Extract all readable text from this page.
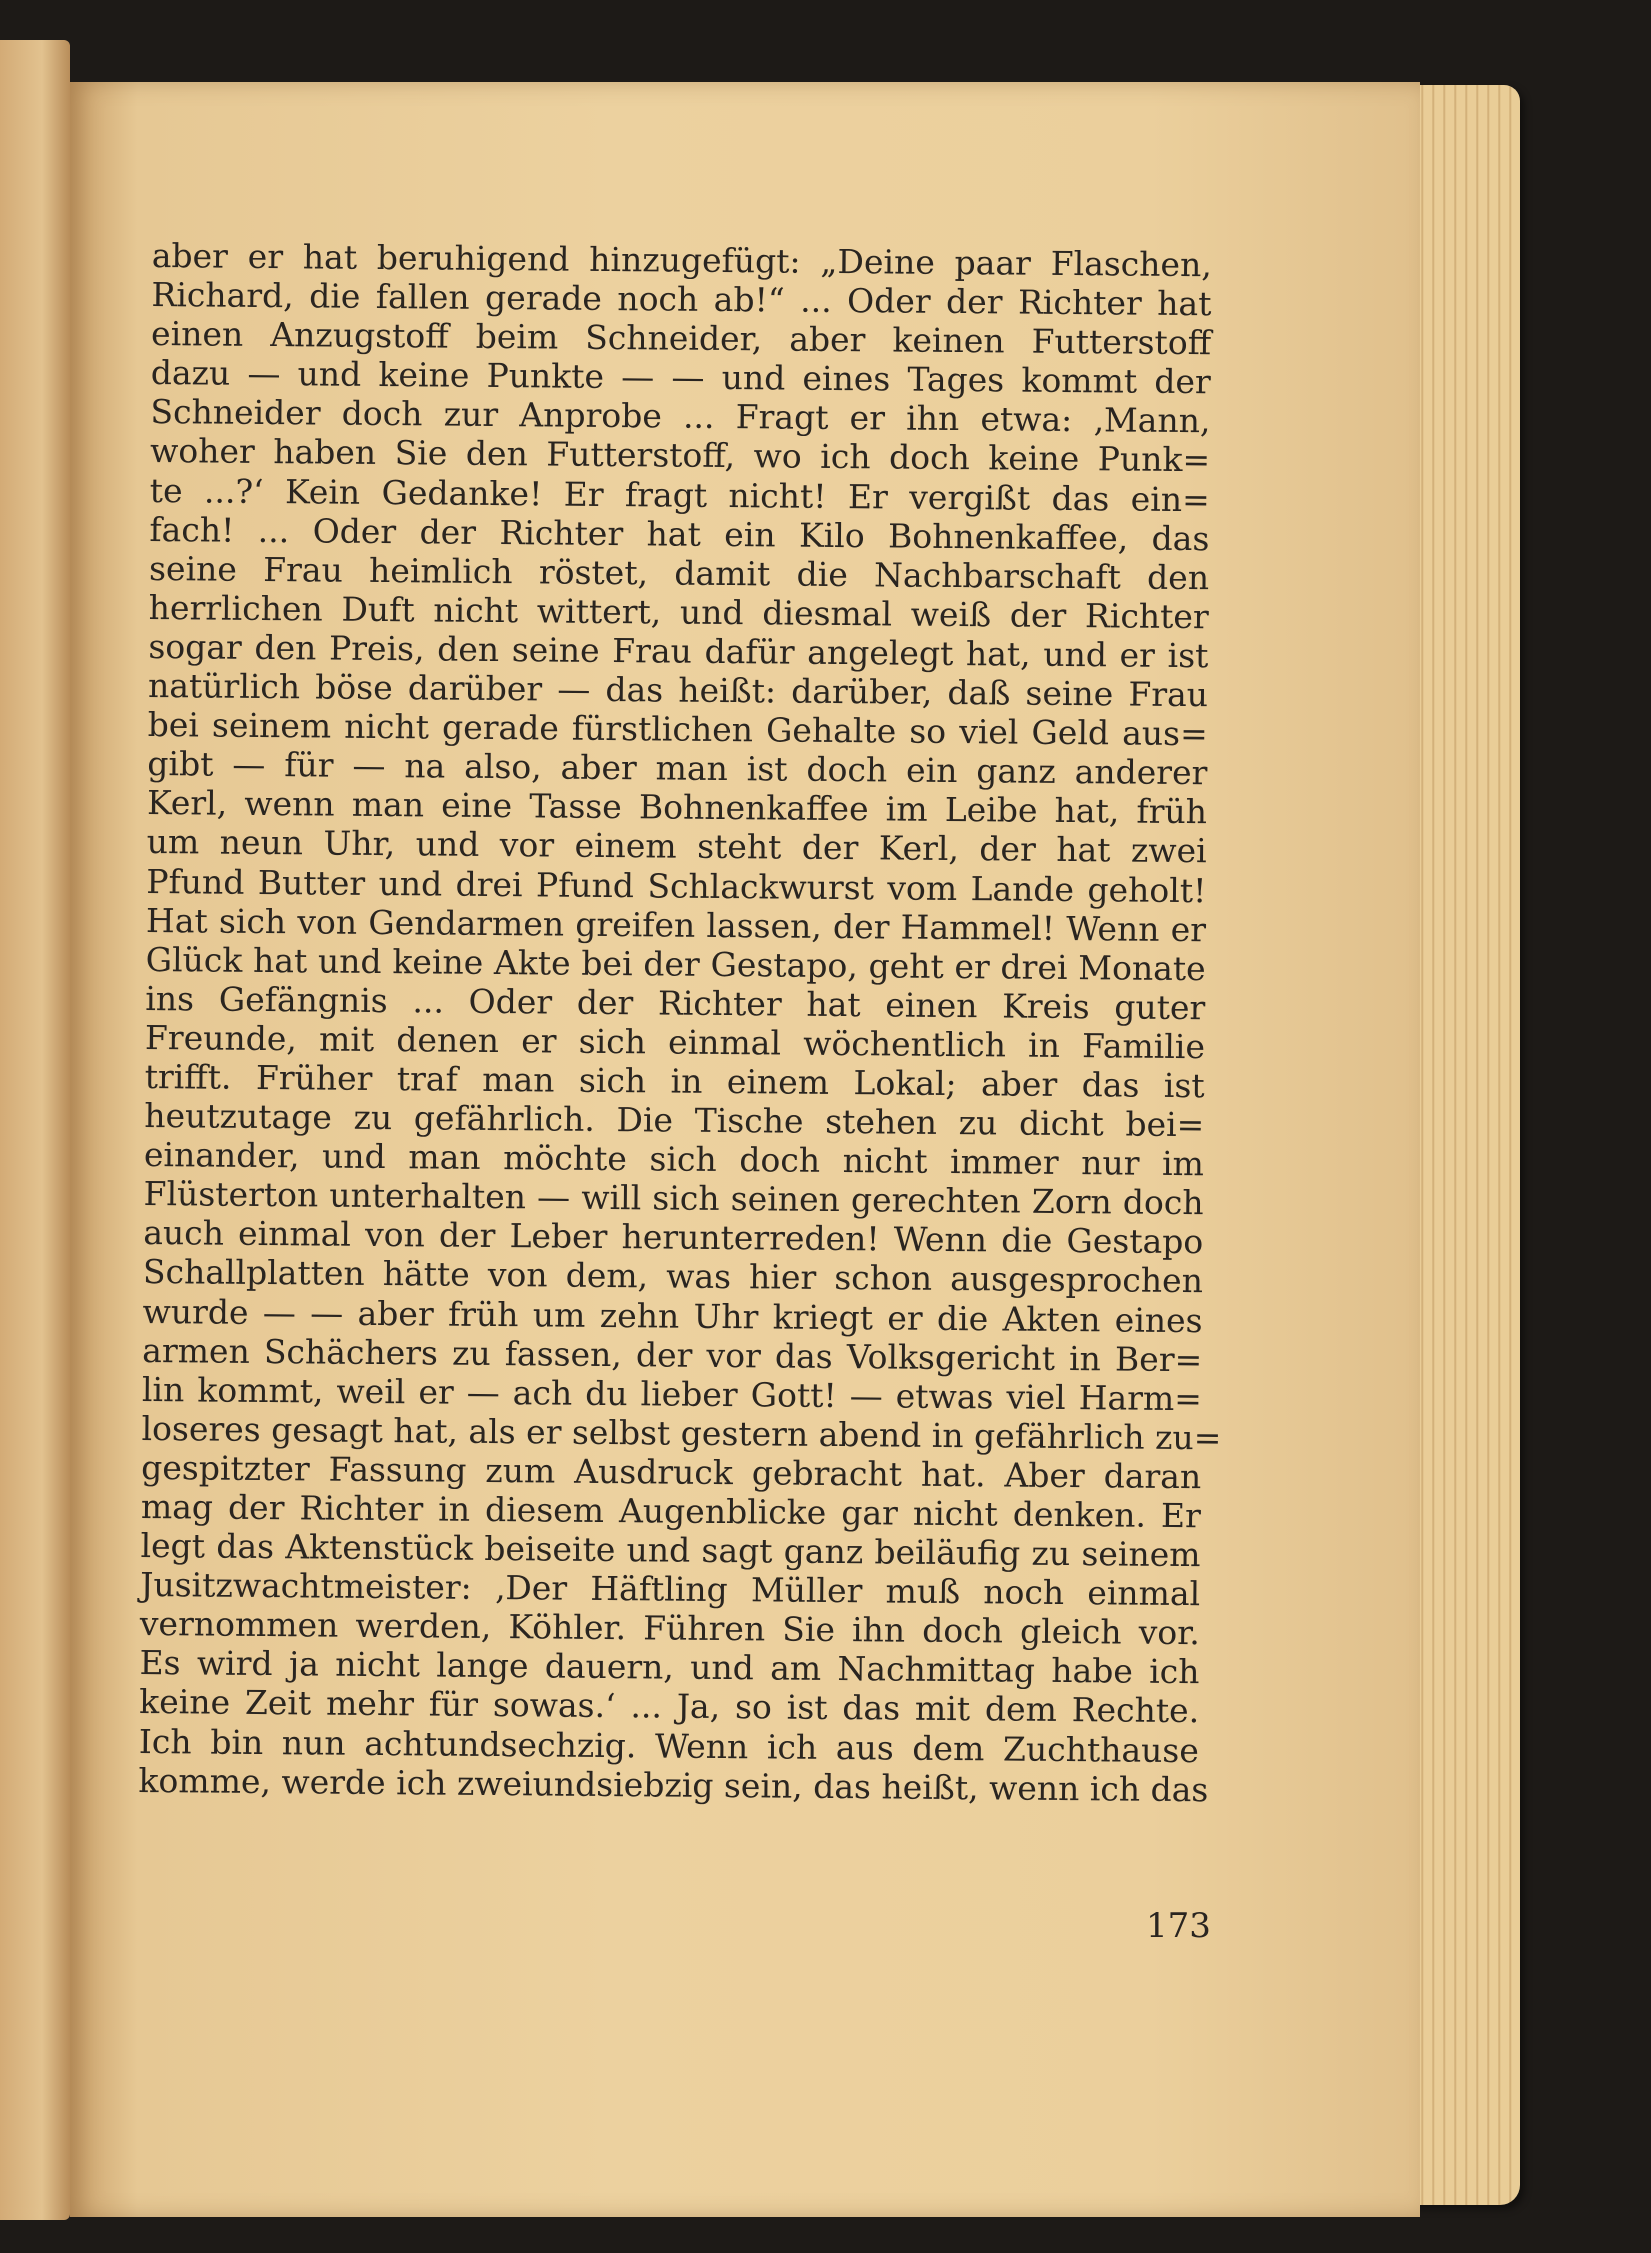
aber er hat beruhigend hinzugefügt: „Deine paar Flaschen,
Richard, die fallen gerade noch ab!“ ... Oder der Richter hat
einen Anzugstoff beim Schneider, aber keinen Futterstoff
dazu — und keine Punkte — — und eines Tages kommt der
Schneider doch zur Anprobe ... Fragt er ihn etwa: ‚Mann,
woher haben Sie den Futterstoff, wo ich doch keine Punk=
te ...?‘ Kein Gedanke! Er fragt nicht! Er vergißt das ein=
fach! ... Oder der Richter hat ein Kilo Bohnenkaffee, das
seine Frau heimlich röstet, damit die Nachbarschaft den
herrlichen Duft nicht wittert, und diesmal weiß der Richter
sogar den Preis, den seine Frau dafür angelegt hat, und er ist
natürlich böse darüber — das heißt: darüber, daß seine Frau
bei seinem nicht gerade fürstlichen Gehalte so viel Geld aus=
gibt — für — na also, aber man ist doch ein ganz anderer
Kerl, wenn man eine Tasse Bohnenkaffee im Leibe hat, früh
um neun Uhr, und vor einem steht der Kerl, der hat zwei
Pfund Butter und drei Pfund Schlackwurst vom Lande geholt!
Hat sich von Gendarmen greifen lassen, der Hammel! Wenn er
Glück hat und keine Akte bei der Gestapo, geht er drei Monate
ins Gefängnis ... Oder der Richter hat einen Kreis guter
Freunde, mit denen er sich einmal wöchentlich in Familie
trifft. Früher traf man sich in einem Lokal; aber das ist
heutzutage zu gefährlich. Die Tische stehen zu dicht bei=
einander, und man möchte sich doch nicht immer nur im
Flüsterton unterhalten — will sich seinen gerechten Zorn doch
auch einmal von der Leber herunterreden! Wenn die Gestapo
Schallplatten hätte von dem, was hier schon ausgesprochen
wurde — — aber früh um zehn Uhr kriegt er die Akten eines
armen Schächers zu fassen, der vor das Volksgericht in Ber=
lin kommt, weil er — ach du lieber Gott! — etwas viel Harm=
loseres gesagt hat, als er selbst gestern abend in gefährlich zu=
gespitzter Fassung zum Ausdruck gebracht hat. Aber daran
mag der Richter in diesem Augenblicke gar nicht denken. Er
legt das Aktenstück beiseite und sagt ganz beiläufig zu seinem
Jusitzwachtmeister: ‚Der Häftling Müller muß noch einmal
vernommen werden, Köhler. Führen Sie ihn doch gleich vor.
Es wird ja nicht lange dauern, und am Nachmittag habe ich
keine Zeit mehr für sowas.‘ ... Ja, so ist das mit dem Rechte.
Ich bin nun achtundsechzig. Wenn ich aus dem Zuchthause
komme, werde ich zweiundsiebzig sein, das heißt, wenn ich das
173
